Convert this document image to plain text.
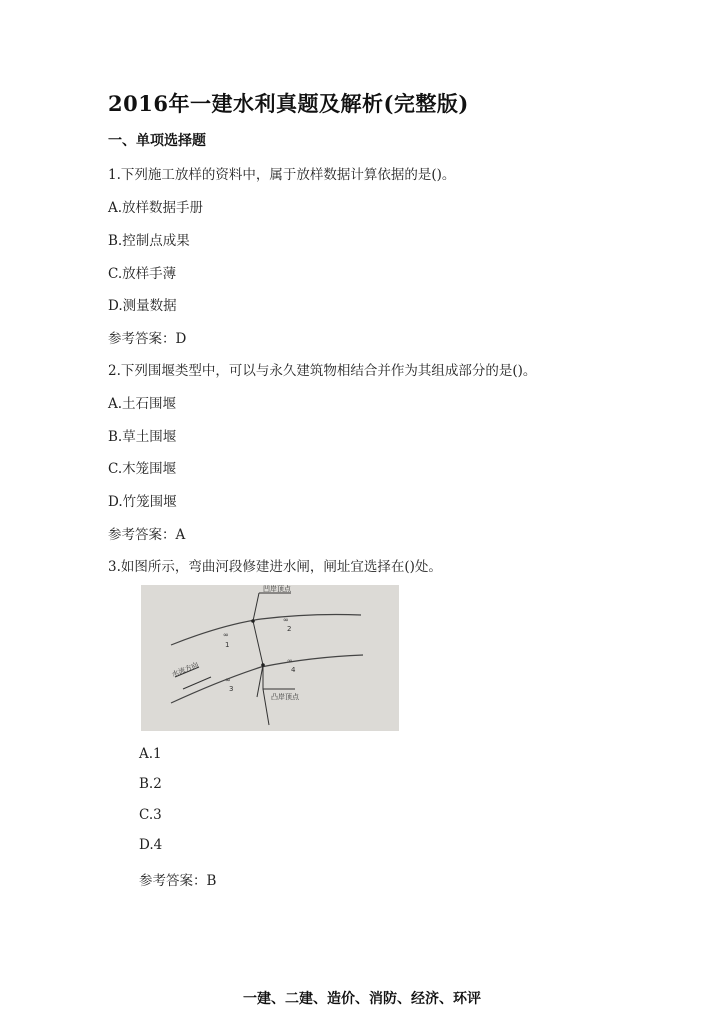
2016年一建水利真题及解析(完整版)
一、单项选择题
1.下列施工放样的资料中，属于放样数据计算依据的是()。
A.放样数据手册
B.控制点成果
C.放样手薄
D.测量数据
参考答案：D
2.下列围堰类型中，可以与永久建筑物相结合并作为其组成部分的是()。
A.土石围堰
B.草土围堰
C.木笼围堰
D.竹笼围堰
参考答案：A
3.如图所示，弯曲河段修建进水闸，闸址宜选择在()处。
∞
1
∞
2
∞
3
∞
4
凹岸顶点
凸岸顶点
水流方向
A.1
B.2
C.3
D.4
参考答案：B
一建、二建、造价、消防、经济、环评
